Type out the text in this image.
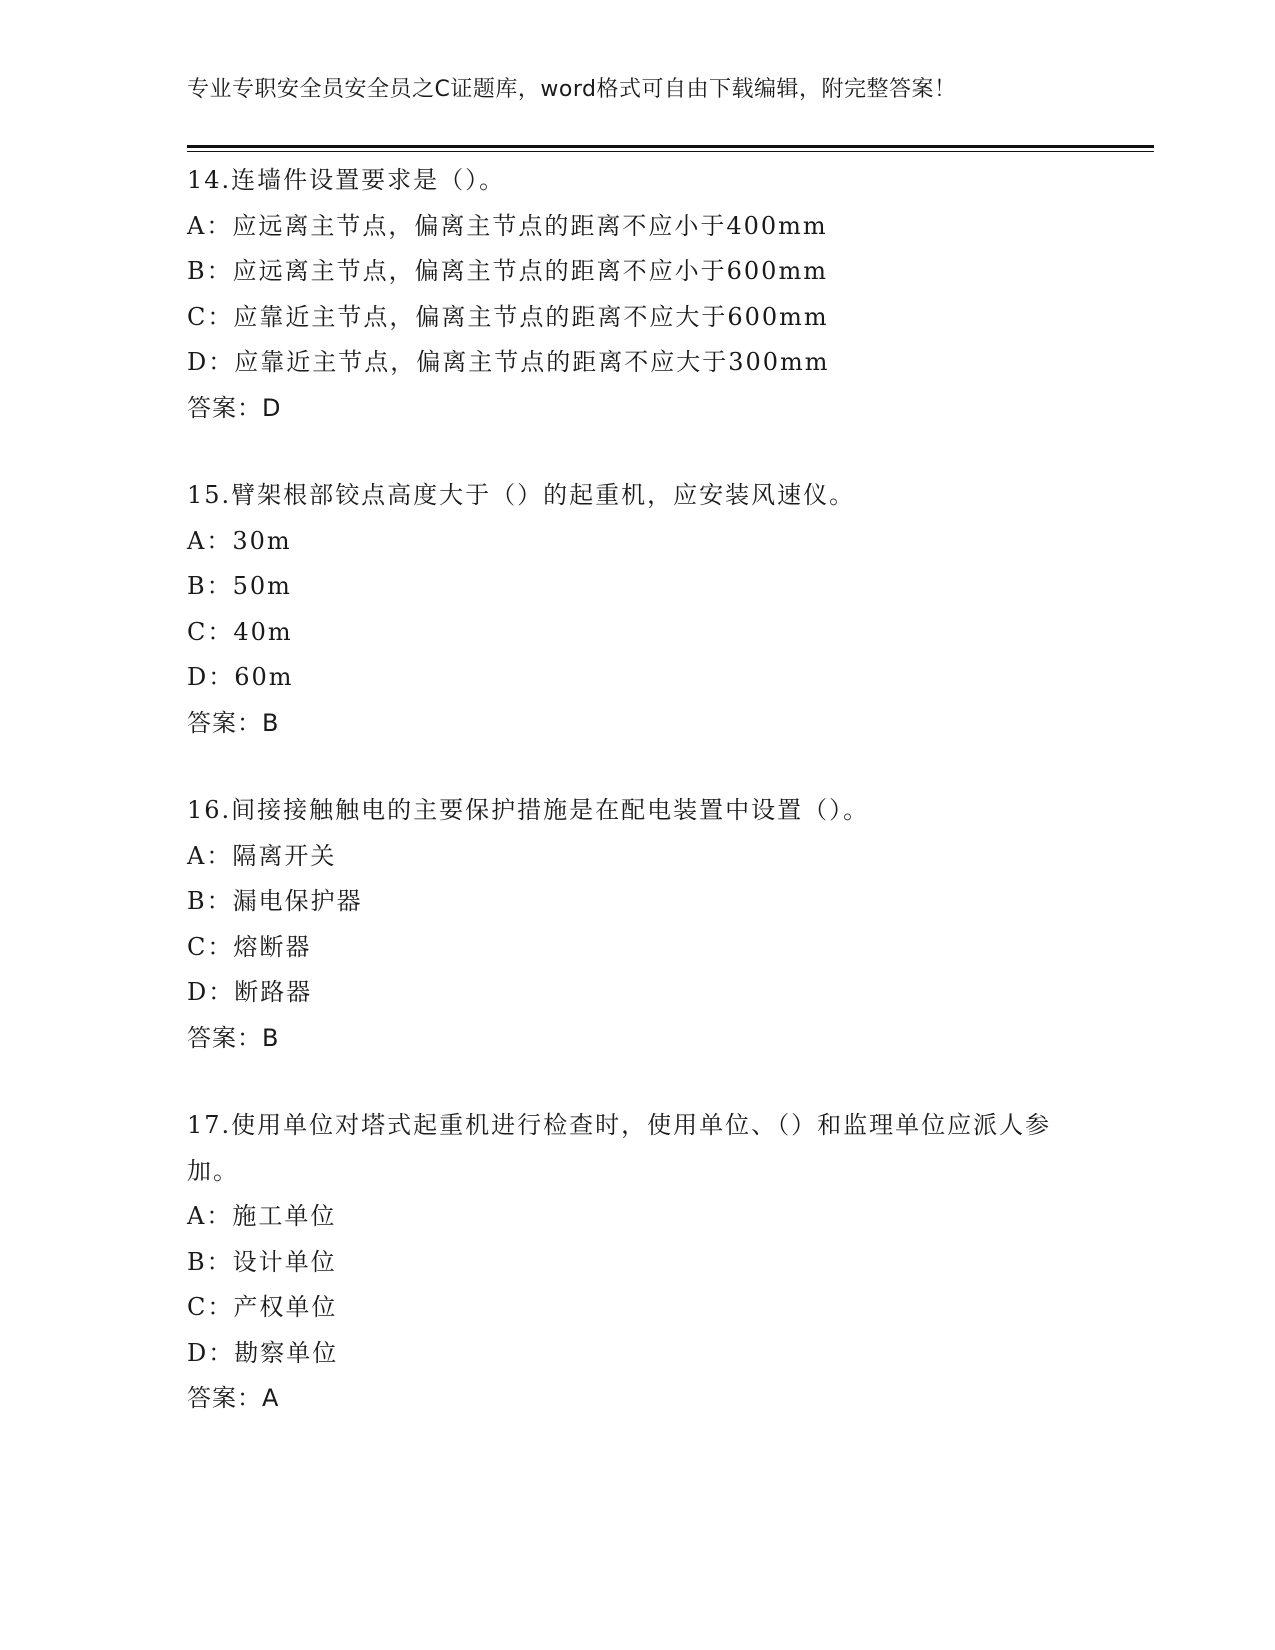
专业专职安全员安全员之C证题库，word格式可自由下载编辑，附完整答案！

14.连墙件设置要求是（）。

A：应远离主节点，偏离主节点的距离不应小于400mm

B：应远离主节点，偏离主节点的距离不应小于600mm

C：应靠近主节点，偏离主节点的距离不应大于600mm

D：应靠近主节点，偏离主节点的距离不应大于300mm

答案：D

15.臂架根部铰点高度大于（）的起重机，应安装风速仪。

A：30m

B：50m

C：40m

D：60m

答案：B

16.间接接触触电的主要保护措施是在配电装置中设置（）。

A：隔离开关

B：漏电保护器

C：熔断器

D：断路器

答案：B

17.使用单位对塔式起重机进行检查时，使用单位、（）和监理单位应派人参加。

A：施工单位

B：设计单位

C：产权单位

D：勘察单位

答案：A
